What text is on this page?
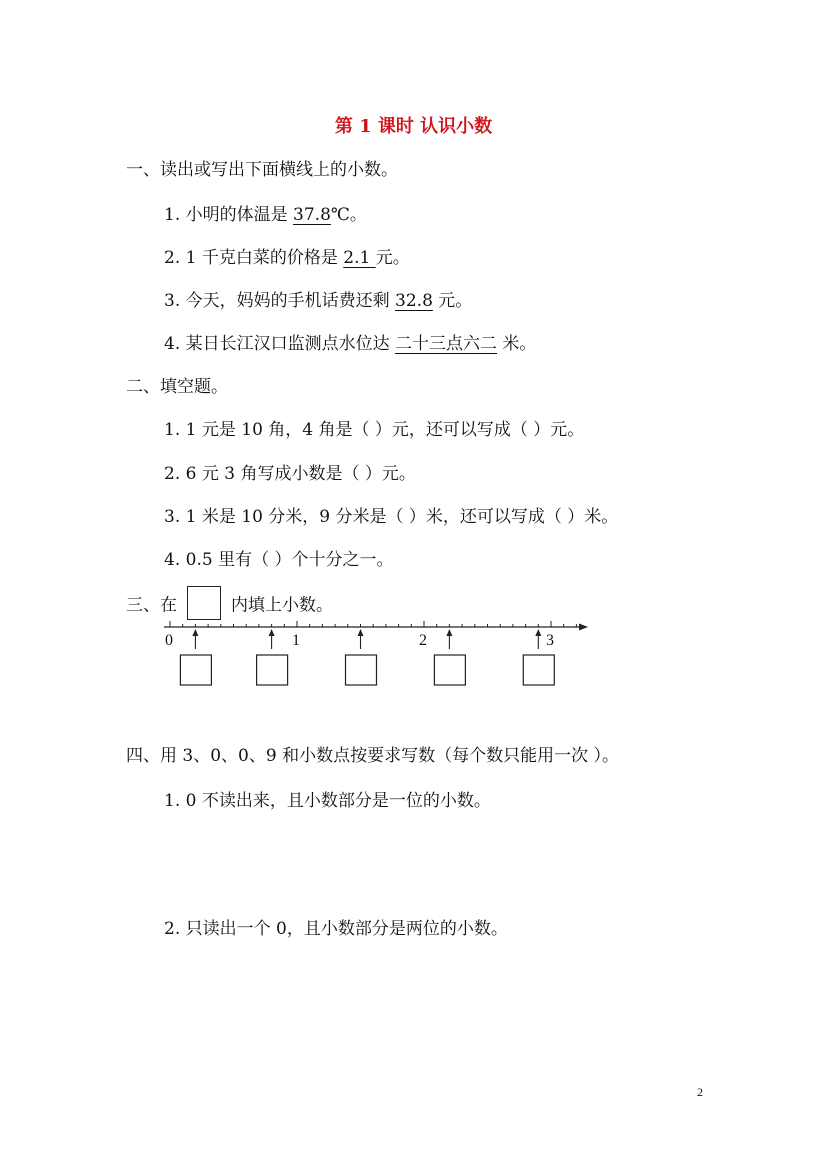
第 1 课时 认识小数
一、读出或写出下面横线上的小数。
1. 小明的体温是 37.8℃。
2. 1 千克白菜的价格是 2.1 元。
3. 今天，妈妈的手机话费还剩 32.8 元。
4. 某日长江汉口监测点水位达 二十三点六二 米。
二、填空题。
1. 1 元是 10 角，4 角是（ ）元，还可以写成（ ）元。
2. 6 元 3 角写成小数是（ ）元。
3. 1 米是 10 分米，9 分米是（ ）米，还可以写成（ ）米。
4. 0.5 里有（ ）个十分之一。
三、在	内填上小数。
0	1	2	3
四、用 3、0、0、9 和小数点按要求写数（每个数只能用一次 ）。
1. 0 不读出来，且小数部分是一位的小数。
2. 只读出一个 0，且小数部分是两位的小数。
2
